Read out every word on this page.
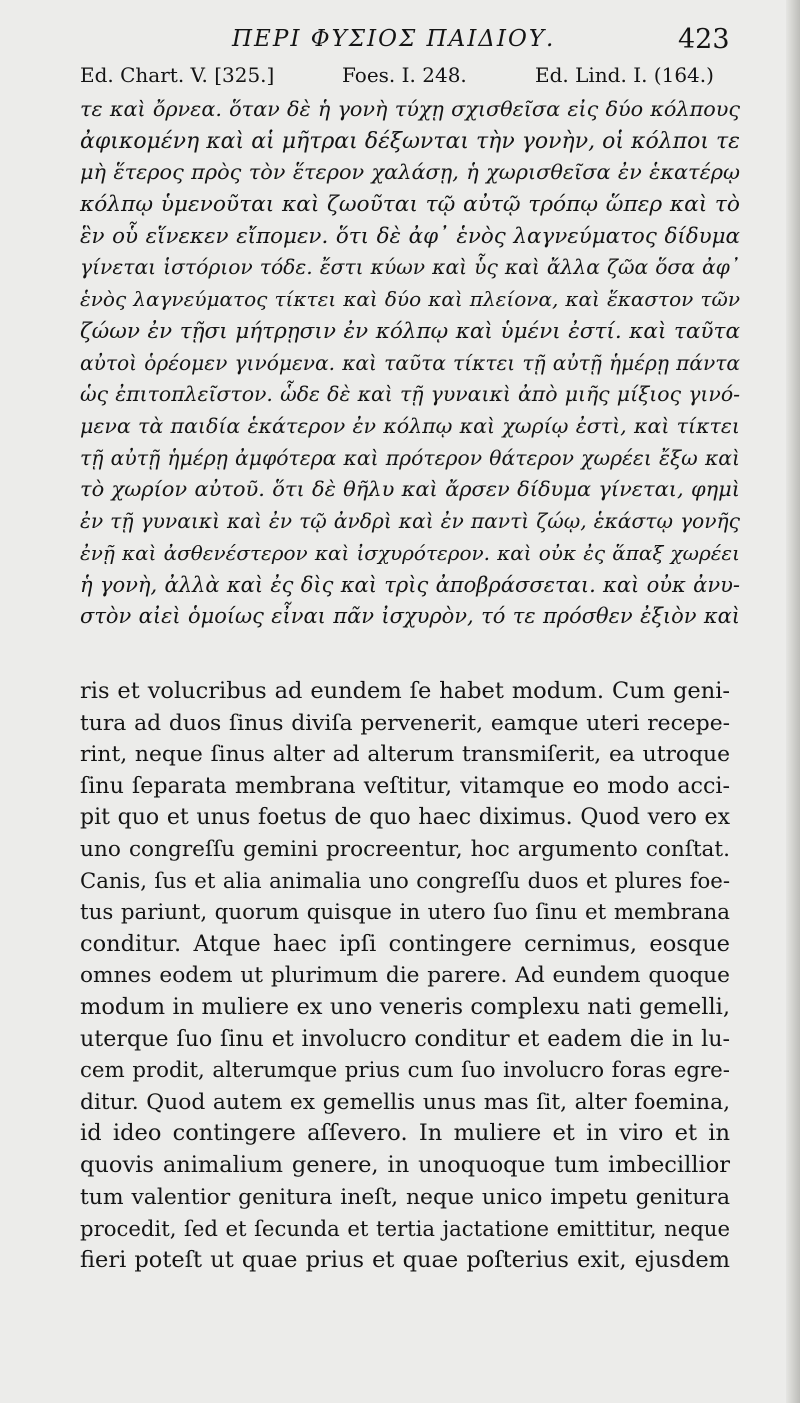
ΠΕΡΙ ΦΥΣΙΟΣ ΠΑΙΔΙΟΥ.	423
Ed. Chart. V. [325.]	Foes. I. 248.	Ed. Lind. I. (164.)
τε καὶ ὄρνεα. ὅταν δὲ ἡ γονὴ τύχῃ σχισθεῖσα εἰς δύο κόλπους
ἀφικομένη καὶ αἱ μῆτραι δέξωνται τὴν γονὴν, οἱ κόλποι τε
μὴ ἕτερος πρὸς τὸν ἕτερον χαλάσῃ, ἡ χωρισθεῖσα ἐν ἑκατέρῳ
κόλπῳ ὑμενοῦται καὶ ζωοῦται τῷ αὐτῷ τρόπῳ ὥπερ καὶ τὸ
ἓν οὗ εἵνεκεν εἴπομεν. ὅτι δὲ ἀφ᾽ ἑνὸς λαγνεύματος δίδυμα
γίνεται ἱστόριον τόδε. ἔστι κύων καὶ ὗς καὶ ἄλλα ζῶα ὅσα ἀφ᾽
ἑνὸς λαγνεύματος τίκτει καὶ δύο καὶ πλείονα, καὶ ἕκαστον τῶν
ζώων ἐν τῇσι μήτρῃσιν ἐν κόλπῳ καὶ ὑμένι ἐστί. καὶ ταῦτα
αὐτοὶ ὁρέομεν γινόμενα. καὶ ταῦτα τίκτει τῇ αὐτῇ ἡμέρῃ πάντα
ὡς ἐπιτοπλεῖστον. ὧδε δὲ καὶ τῇ γυναικὶ ἀπὸ μιῆς μίξιος γινό-
μενα τὰ παιδία ἑκάτερον ἐν κόλπῳ καὶ χωρίῳ ἐστὶ, καὶ τίκτει
τῇ αὐτῇ ἡμέρῃ ἀμφότερα καὶ πρότερον θάτερον χωρέει ἔξω καὶ
τὸ χωρίον αὐτοῦ. ὅτι δὲ θῆλυ καὶ ἄρσεν δίδυμα γίνεται, φημὶ
ἐν τῇ γυναικὶ καὶ ἐν τῷ ἀνδρὶ καὶ ἐν παντὶ ζώῳ, ἑκάστῳ γονῆς
ἐνῇ καὶ ἀσθενέστερον καὶ ἰσχυρότερον. καὶ οὐκ ἐς ἅπαξ χωρέει
ἡ γονὴ, ἀλλὰ καὶ ἐς δὶς καὶ τρὶς ἀποβράσσεται. καὶ οὐκ ἀνυ-
στὸν αἰεὶ ὁμοίως εἶναι πᾶν ἰσχυρὸν, τό τε πρόσθεν ἐξιὸν καὶ
ris et volucribus ad eundem ſe habet modum. Cum geni-
tura ad duos ſinus diviſa pervenerit, eamque uteri recepe-
rint, neque ſinus alter ad alterum transmiſerit, ea utroque
ſinu ſeparata membrana veſtitur, vitamque eo modo acci-
pit quo et unus foetus de quo haec diximus. Quod vero ex
uno congreſſu gemini procreentur, hoc argumento conſtat.
Canis, ſus et alia animalia uno congreſſu duos et plures foe-
tus pariunt, quorum quisque in utero ſuo ſinu et membrana
conditur. Atque haec ipſi contingere cernimus, eosque
omnes eodem ut plurimum die parere. Ad eundem quoque
modum in muliere ex uno veneris complexu nati gemelli,
uterque ſuo ſinu et involucro conditur et eadem die in lu-
cem prodit, alterumque prius cum ſuo involucro foras egre-
ditur. Quod autem ex gemellis unus mas ſit, alter foemina,
id ideo contingere aſſevero. In muliere et in viro et in
quovis animalium genere, in unoquoque tum imbecillior
tum valentior genitura ineſt, neque unico impetu genitura
procedit, ſed et ſecunda et tertia jactatione emittitur, neque
fieri poteſt ut quae prius et quae poſterius exit, ejusdem
